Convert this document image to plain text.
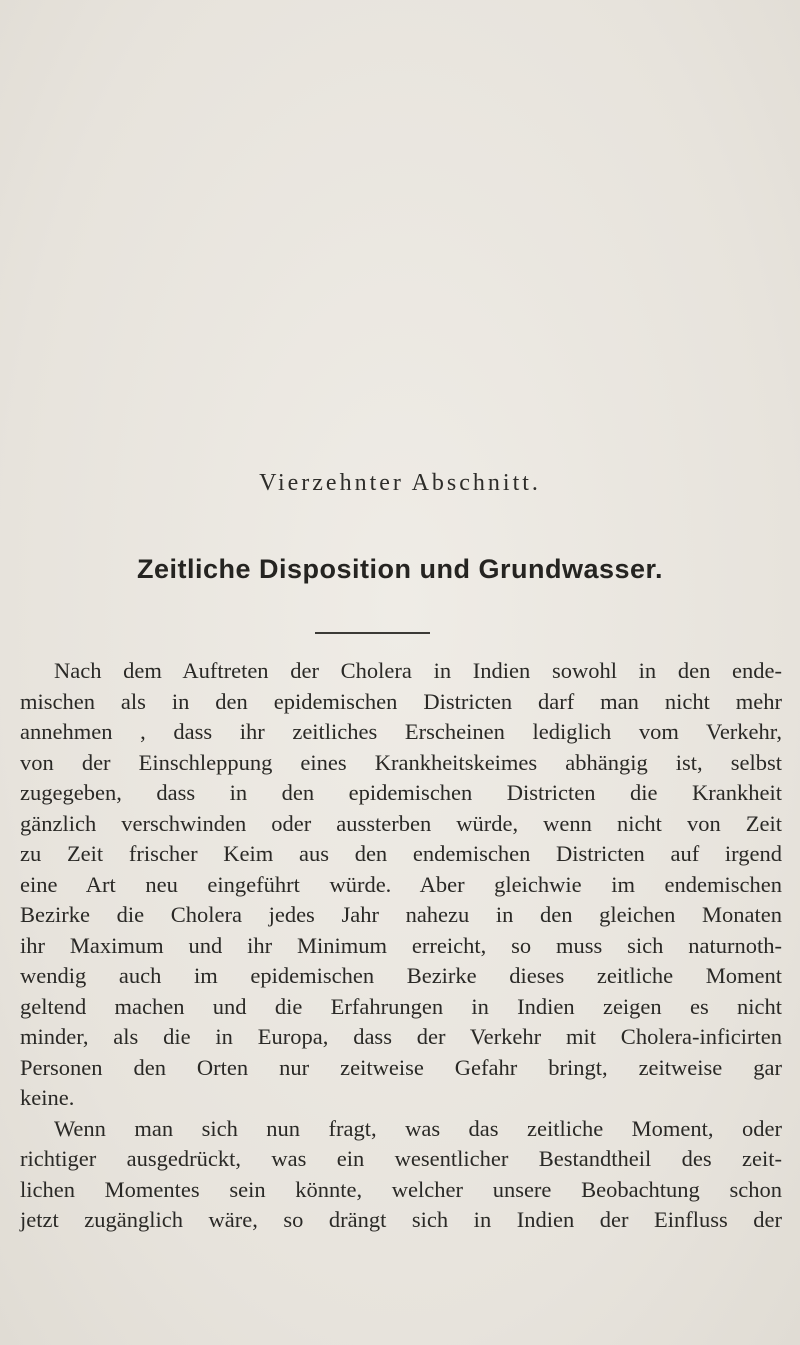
Vierzehnter Abschnitt.
Zeitliche Disposition und Grundwasser.
Nach dem Auftreten der Cholera in Indien sowohl in den ende-
mischen als in den epidemischen Districten darf man nicht mehr
annehmen , dass ihr zeitliches Erscheinen lediglich vom Verkehr,
von der Einschleppung eines Krankheitskeimes abhängig ist, selbst
zugegeben, dass in den epidemischen Districten die Krankheit
gänzlich verschwinden oder aussterben würde, wenn nicht von Zeit
zu Zeit frischer Keim aus den endemischen Districten auf irgend
eine Art neu eingeführt würde. Aber gleichwie im endemischen
Bezirke die Cholera jedes Jahr nahezu in den gleichen Monaten
ihr Maximum und ihr Minimum erreicht, so muss sich naturnoth-
wendig auch im epidemischen Bezirke dieses zeitliche Moment
geltend machen und die Erfahrungen in Indien zeigen es nicht
minder, als die in Europa, dass der Verkehr mit Cholera-inficirten
Personen den Orten nur zeitweise Gefahr bringt, zeitweise gar
keine.
Wenn man sich nun fragt, was das zeitliche Moment, oder
richtiger ausgedrückt, was ein wesentlicher Bestandtheil des zeit-
lichen Momentes sein könnte, welcher unsere Beobachtung schon
jetzt zugänglich wäre, so drängt sich in Indien der Einfluss der
